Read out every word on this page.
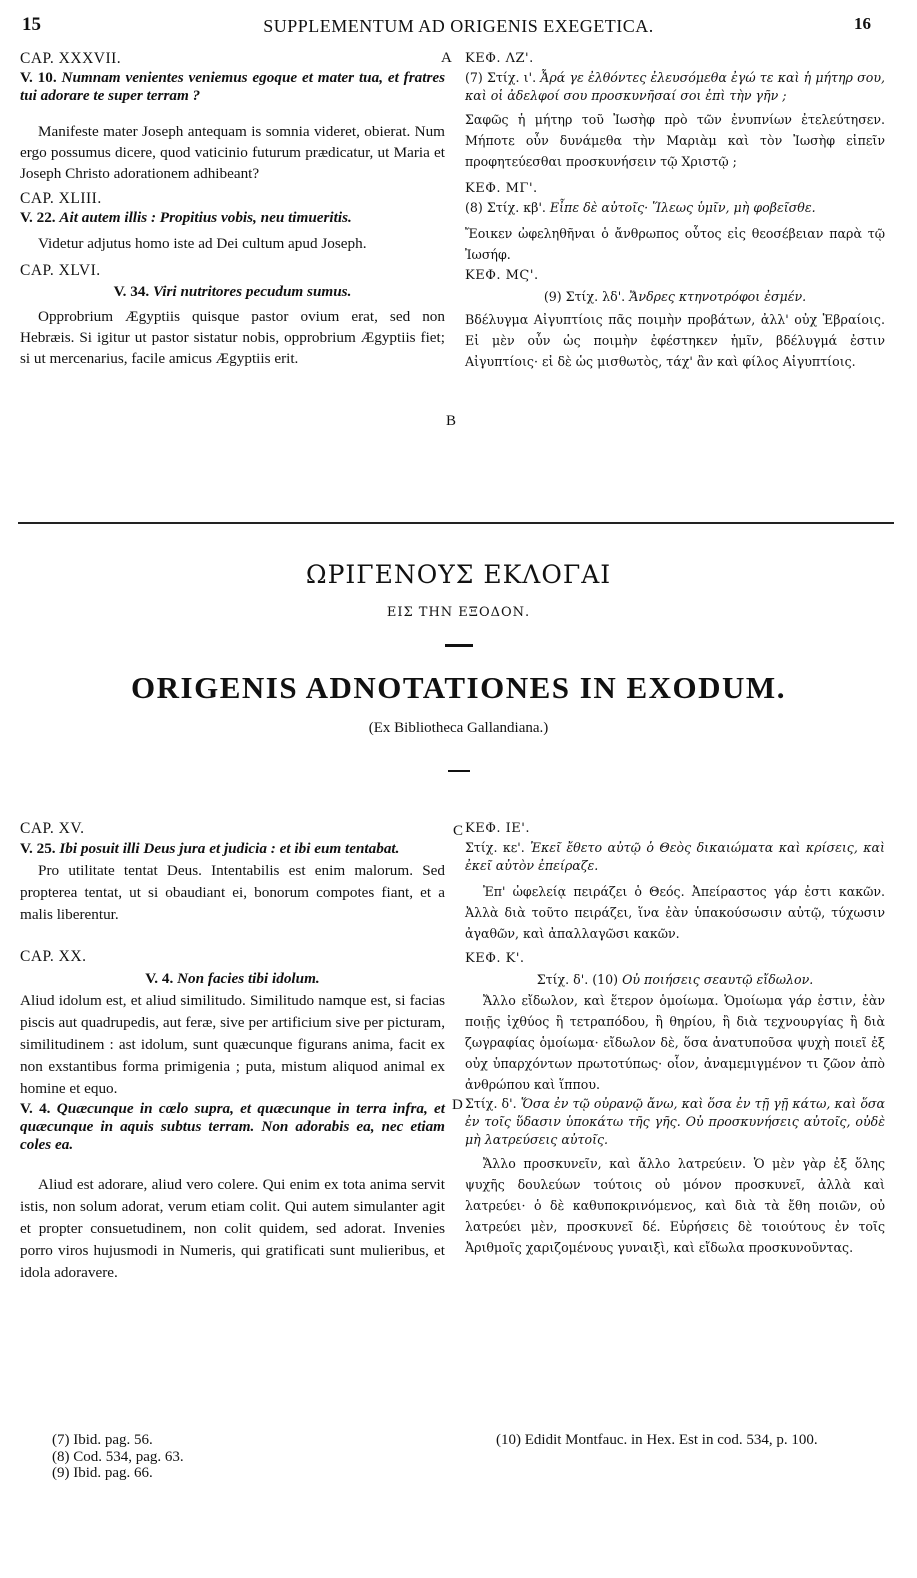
15	SUPPLEMENTUM AD ORIGENIS EXEGETICA.	16
A
B
C
D

CAP. XXXVII.

V. 10. Numnam venientes veniemus egoque et mater tua, et fratres tui adorare te super terram ?

Manifeste mater Joseph antequam is somnia videret, obierat. Num ergo possumus dicere, quod vaticinio futurum prædicatur, ut Maria et Joseph Christo adorationem adhibeant?

CAP. XLIII.

V. 22. Ait autem illis : Propitius vobis, neu timueritis.

Videtur adjutus homo iste ad Dei cultum apud Joseph.

CAP. XLVI.

V. 34. Viri nutritores pecudum sumus.

Opprobrium Ægyptiis quisque pastor ovium erat, sed non Hebræis. Si igitur ut pastor sistatur nobis, opprobrium Ægyptiis fiet; si ut mercenarius, facile amicus Ægyptiis erit.

ΚΕΦ. ΛΖ'.

(7) Στίχ. ι'. Ἆρά γε ἐλθόντες ἐλευσόμεθα ἐγώ τε καὶ ἡ μήτηρ σου, καὶ οἱ ἀδελφοί σου προσκυνῆσαί σοι ἐπὶ τὴν γῆν ;

Σαφῶς ἡ μήτηρ τοῦ Ἰωσὴφ πρὸ τῶν ἐνυπνίων ἐτελεύτησεν. Μήποτε οὖν δυνάμεθα τὴν Μαριὰμ καὶ τὸν Ἰωσὴφ εἰπεῖν προφητεύεσθαι προσκυνήσειν τῷ Χριστῷ ;

ΚΕΦ. ΜΓ'.

(8) Στίχ. κβ'. Εἶπε δὲ αὐτοῖς· Ἵλεως ὑμῖν, μὴ φοβεῖσθε.

Ἔοικεν ὠφεληθῆναι ὁ ἄνθρωπος οὗτος εἰς θεοσέβειαν παρὰ τῷ Ἰωσήφ.

ΚΕΦ. ΜϚ'.

(9) Στίχ. λδ'. Ἄνδρες κτηνοτρόφοι ἐσμέν.

Βδέλυγμα Αἰγυπτίοις πᾶς ποιμὴν προβάτων, ἀλλ' οὐχ Ἑβραίοις. Εἰ μὲν οὖν ὡς ποιμὴν ἐφέστηκεν ἡμῖν, βδέλυγμά ἐστιν Αἰγυπτίοις· εἰ δὲ ὡς μισθωτὸς, τάχ' ἂν καὶ φίλος Αἰγυπτίοις.

ΩΡΙΓΕΝΟΥΣ ΕΚΛΟΓΑΙ
ΕΙΣ ΤΗΝ ΕΞΟΔΟΝ.
ORIGENIS ADNOTATIONES IN EXODUM.
(Ex Bibliotheca Gallandiana.)

CAP. XV.

V. 25. Ibi posuit illi Deus jura et judicia : et ibi eum tentabat.

Pro utilitate tentat Deus. Intentabilis est enim malorum. Sed propterea tentat, ut si obaudiant ei, bonorum compotes fiant, et a malis liberentur.

CAP. XX.

V. 4. Non facies tibi idolum.

Aliud idolum est, et aliud similitudo. Similitudo namque est, si facias piscis aut quadrupedis, aut feræ, sive per artificium sive per picturam, similitudinem : ast idolum, sunt quæcunque figurans anima, facit ex non exstantibus forma primigenia ; puta, mistum aliquod animal ex homine et equo.

V. 4. Quæcunque in cœlo supra, et quæcunque in terra infra, et quæcunque in aquis subtus terram. Non adorabis ea, nec etiam coles ea.

Aliud est adorare, aliud vero colere. Qui enim ex tota anima servit istis, non solum adorat, verum etiam colit. Qui autem simulanter agit et propter consuetudinem, non colit quidem, sed adorat. Invenies porro viros hujusmodi in Numeris, qui gratificati sunt mulieribus, et idola adoravere.

ΚΕΦ. ΙΕ'.

Στίχ. κε'. Ἐκεῖ ἔθετο αὐτῷ ὁ Θεὸς δικαιώματα καὶ κρίσεις, καὶ ἐκεῖ αὐτὸν ἐπείραζε.

Ἐπ' ὠφελείᾳ πειράζει ὁ Θεός. Ἀπείραστος γάρ ἐστι κακῶν. Ἀλλὰ διὰ τοῦτο πειράζει, ἵνα ἐὰν ὑπακούσωσιν αὐτῷ, τύχωσιν ἀγαθῶν, καὶ ἀπαλλαγῶσι κακῶν.

ΚΕΦ. Κ'.

Στίχ. δ'. (10) Οὐ ποιήσεις σεαυτῷ εἴδωλον.

Ἄλλο εἴδωλον, καὶ ἕτερον ὁμοίωμα. Ὁμοίωμα γάρ ἐστιν, ἐὰν ποιῇς ἰχθύος ἢ τετραπόδου, ἢ θηρίου, ἢ διὰ τεχνουργίας ἢ διὰ ζωγραφίας ὁμοίωμα· εἴδωλον δὲ, ὅσα ἀνατυποῦσα ψυχὴ ποιεῖ ἐξ οὐχ ὑπαρχόντων πρωτοτύπως· οἷον, ἀναμεμιγμένον τι ζῶον ἀπὸ ἀνθρώπου καὶ ἵππου.

Στίχ. δ'. Ὅσα ἐν τῷ οὐρανῷ ἄνω, καὶ ὅσα ἐν τῇ γῇ κάτω, καὶ ὅσα ἐν τοῖς ὕδασιν ὑποκάτω τῆς γῆς. Οὐ προσκυνήσεις αὐτοῖς, οὐδὲ μὴ λατρεύσεις αὐτοῖς.

Ἄλλο προσκυνεῖν, καὶ ἄλλο λατρεύειν. Ὁ μὲν γὰρ ἐξ ὅλης ψυχῆς δουλεύων τούτοις οὐ μόνον προσκυνεῖ, ἀλλὰ καὶ λατρεύει· ὁ δὲ καθυποκρινόμενος, καὶ διὰ τὰ ἔθη ποιῶν, οὐ λατρεύει μὲν, προσκυνεῖ δέ. Εὑρήσεις δὲ τοιούτους ἐν τοῖς Ἀριθμοῖς χαριζομένους γυναιξὶ, καὶ εἴδωλα προσκυνοῦντας.

(7) Ibid. pag. 56.
(8) Cod. 534, pag. 63.
(9) Ibid. pag. 66.
(10) Edidit Montfauc. in Hex. Est in cod. 534, p. 100.
